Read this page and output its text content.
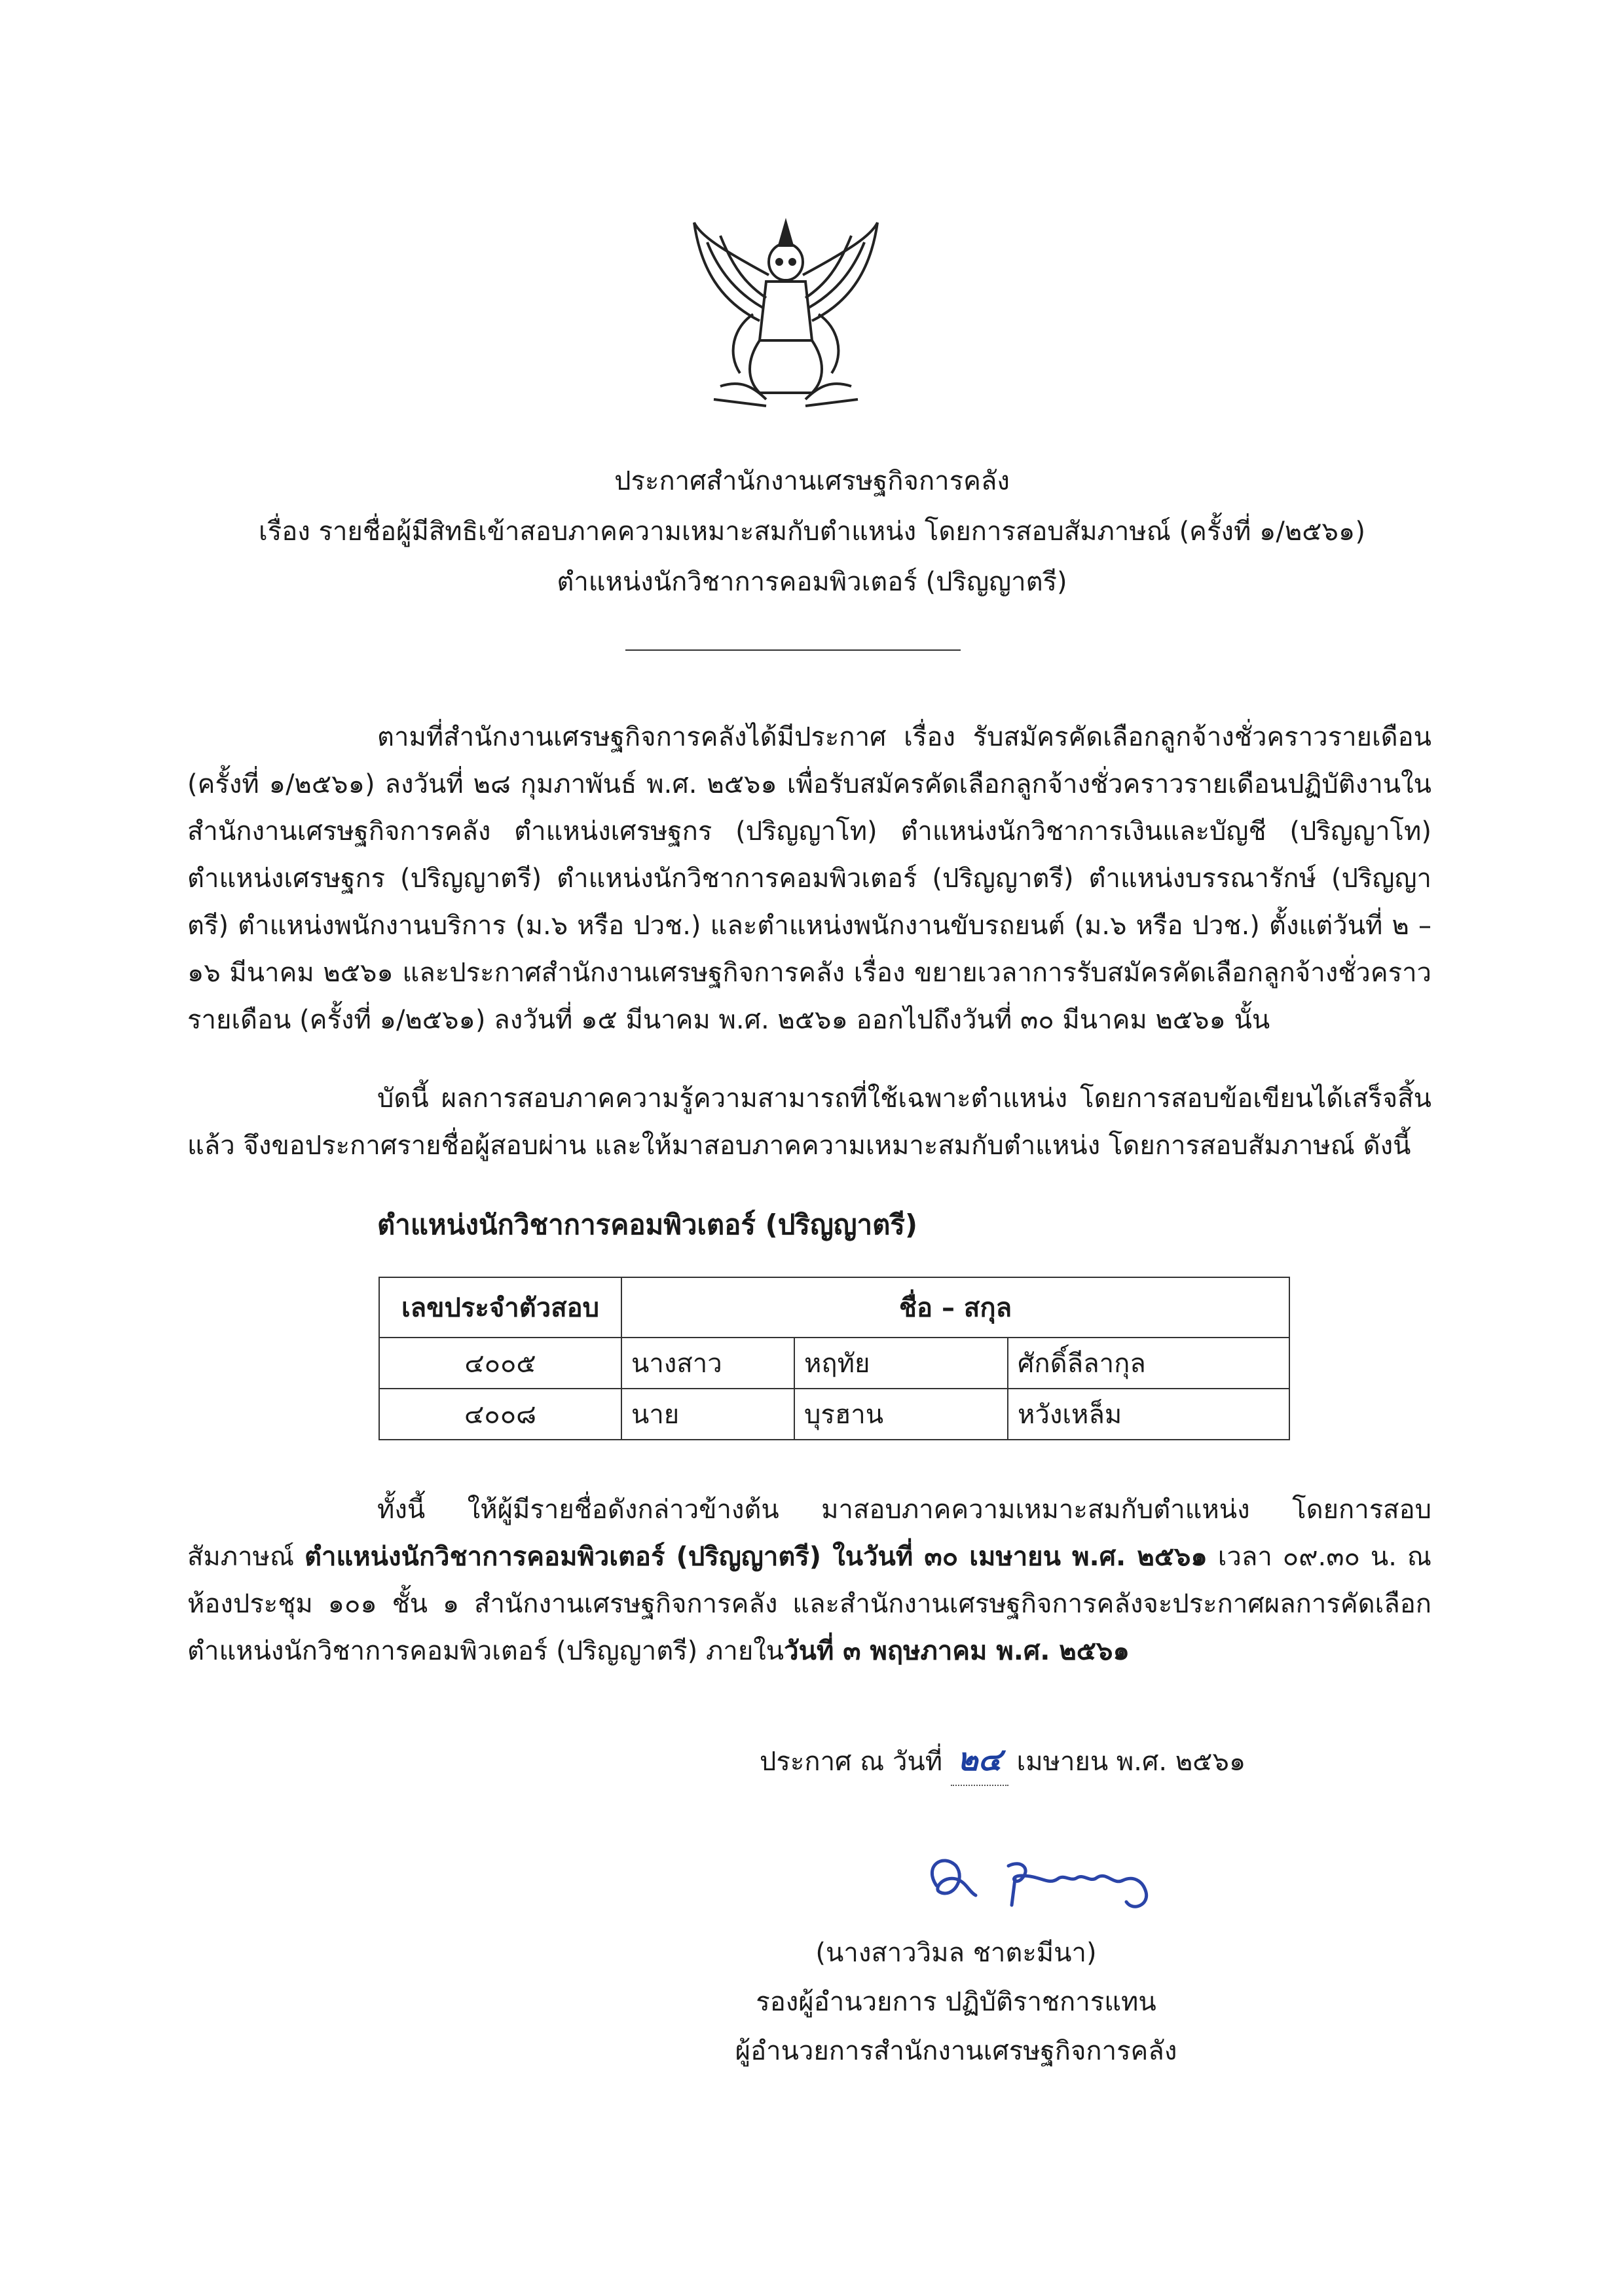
ประกาศสำนักงานเศรษฐกิจการคลัง
เรื่อง รายชื่อผู้มีสิทธิเข้าสอบภาคความเหมาะสมกับตำแหน่ง โดยการสอบสัมภาษณ์ (ครั้งที่ ๑/๒๕๖๑)
ตำแหน่งนักวิชาการคอมพิวเตอร์ (ปริญญาตรี)

ตามที่สำนักงานเศรษฐกิจการคลังได้มีประกาศ เรื่อง รับสมัครคัดเลือกลูกจ้างชั่วคราวรายเดือน (ครั้งที่ ๑/๒๕๖๑) ลงวันที่ ๒๘ กุมภาพันธ์ พ.ศ. ๒๕๖๑ เพื่อรับสมัครคัดเลือกลูกจ้างชั่วคราวรายเดือนปฏิบัติงานในสำนักงานเศรษฐกิจการคลัง ตำแหน่งเศรษฐกร (ปริญญาโท) ตำแหน่งนักวิชาการเงินและบัญชี (ปริญญาโท) ตำแหน่งเศรษฐกร (ปริญญาตรี) ตำแหน่งนักวิชาการคอมพิวเตอร์ (ปริญญาตรี) ตำแหน่งบรรณารักษ์ (ปริญญาตรี) ตำแหน่งพนักงานบริการ (ม.๖ หรือ ปวช.) และตำแหน่งพนักงานขับรถยนต์ (ม.๖ หรือ ปวช.) ตั้งแต่วันที่ ๒ – ๑๖ มีนาคม ๒๕๖๑ และประกาศสำนักงานเศรษฐกิจการคลัง เรื่อง ขยายเวลาการรับสมัครคัดเลือกลูกจ้างชั่วคราวรายเดือน (ครั้งที่ ๑/๒๕๖๑) ลงวันที่ ๑๕ มีนาคม พ.ศ. ๒๕๖๑ ออกไปถึงวันที่ ๓๐ มีนาคม ๒๕๖๑ นั้น

บัดนี้ ผลการสอบภาคความรู้ความสามารถที่ใช้เฉพาะตำแหน่ง โดยการสอบข้อเขียนได้เสร็จสิ้นแล้ว จึงขอประกาศรายชื่อผู้สอบผ่าน และให้มาสอบภาคความเหมาะสมกับตำแหน่ง โดยการสอบสัมภาษณ์ ดังนี้

ตำแหน่งนักวิชาการคอมพิวเตอร์ (ปริญญาตรี)
เลขประจำตัวสอบ	ชื่อ – สกุล		
๔๐๐๕	นางสาว	หฤทัย	ศักดิ์ลีลากุล
๔๐๐๘	นาย	บุรฮาน	หวังเหล็ม

ทั้งนี้ ให้ผู้มีรายชื่อดังกล่าวข้างต้น มาสอบภาคความเหมาะสมกับตำแหน่ง โดยการสอบสัมภาษณ์ ตำแหน่งนักวิชาการคอมพิวเตอร์ (ปริญญาตรี) ในวันที่ ๓๐ เมษายน พ.ศ. ๒๕๖๑ เวลา ๐๙.๓๐ น. ณ ห้องประชุม ๑๐๑ ชั้น ๑ สำนักงานเศรษฐกิจการคลัง และสำนักงานเศรษฐกิจการคลังจะประกาศผลการคัดเลือกตำแหน่งนักวิชาการคอมพิวเตอร์ (ปริญญาตรี) ภายในวันที่ ๓ พฤษภาคม พ.ศ. ๒๕๖๑

ประกาศ ณ วันที่ ๒๔ เมษายน พ.ศ. ๒๕๖๑
(นางสาววิมล ชาตะมีนา)
รองผู้อำนวยการ ปฏิบัติราชการแทน
ผู้อำนวยการสำนักงานเศรษฐกิจการคลัง
